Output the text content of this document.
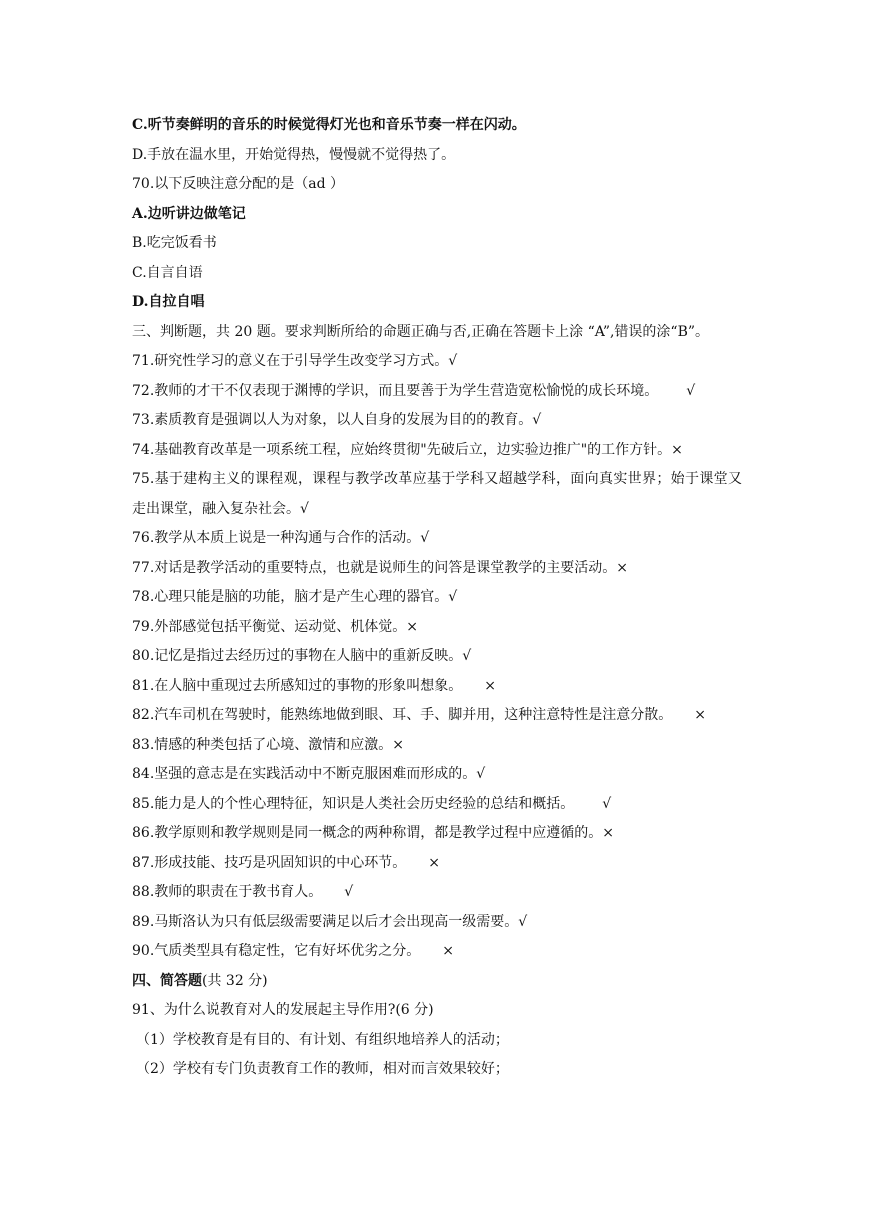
C.听节奏鲜明的音乐的时候觉得灯光也和音乐节奏一样在闪动。
D.手放在温水里，开始觉得热，慢慢就不觉得热了。
70.以下反映注意分配的是（ad ）
A.边听讲边做笔记
B.吃完饭看书
C.自言自语
D.自拉自唱
三、判断题，共 20 题。要求判断所给的命题正确与否,正确在答题卡上涂 “A”,错误的涂“B”。
71.研究性学习的意义在于引导学生改变学习方式。√
72.教师的才干不仅表现于渊博的学识，而且要善于为学生营造宽松愉悦的成长环境。 √
73.素质教育是强调以人为对象，以人自身的发展为目的的教育。√
74.基础教育改革是一项系统工程，应始终贯彻"先破后立，边实验边推广"的工作方针。×
75.基于建构主义的课程观，课程与教学改革应基于学科又超越学科，面向真实世界；始于课堂又走出课堂，融入复杂社会。√
76.教学从本质上说是一种沟通与合作的活动。√
77.对话是教学活动的重要特点，也就是说师生的问答是课堂教学的主要活动。×
78.心理只能是脑的功能，脑才是产生心理的器官。√
79.外部感觉包括平衡觉、运动觉、机体觉。×
80.记忆是指过去经历过的事物在人脑中的重新反映。√
81.在人脑中重现过去所感知过的事物的形象叫想象。 ×
82.汽车司机在驾驶时，能熟练地做到眼、耳、手、脚并用，这种注意特性是注意分散。 ×
83.情感的种类包括了心境、激情和应激。×
84.坚强的意志是在实践活动中不断克服困难而形成的。√
85.能力是人的个性心理特征，知识是人类社会历史经验的总结和概括。 √
86.教学原则和教学规则是同一概念的两种称谓，都是教学过程中应遵循的。×
87.形成技能、技巧是巩固知识的中心环节。 ×
88.教师的职责在于教书育人。 √
89.马斯洛认为只有低层级需要满足以后才会出现高一级需要。√
90.气质类型具有稳定性，它有好坏优劣之分。 ×
四、简答题(共 32 分)
91、为什么说教育对人的发展起主导作用?(6 分)
（1）学校教育是有目的、有计划、有组织地培养人的活动；
（2）学校有专门负责教育工作的教师，相对而言效果较好；
